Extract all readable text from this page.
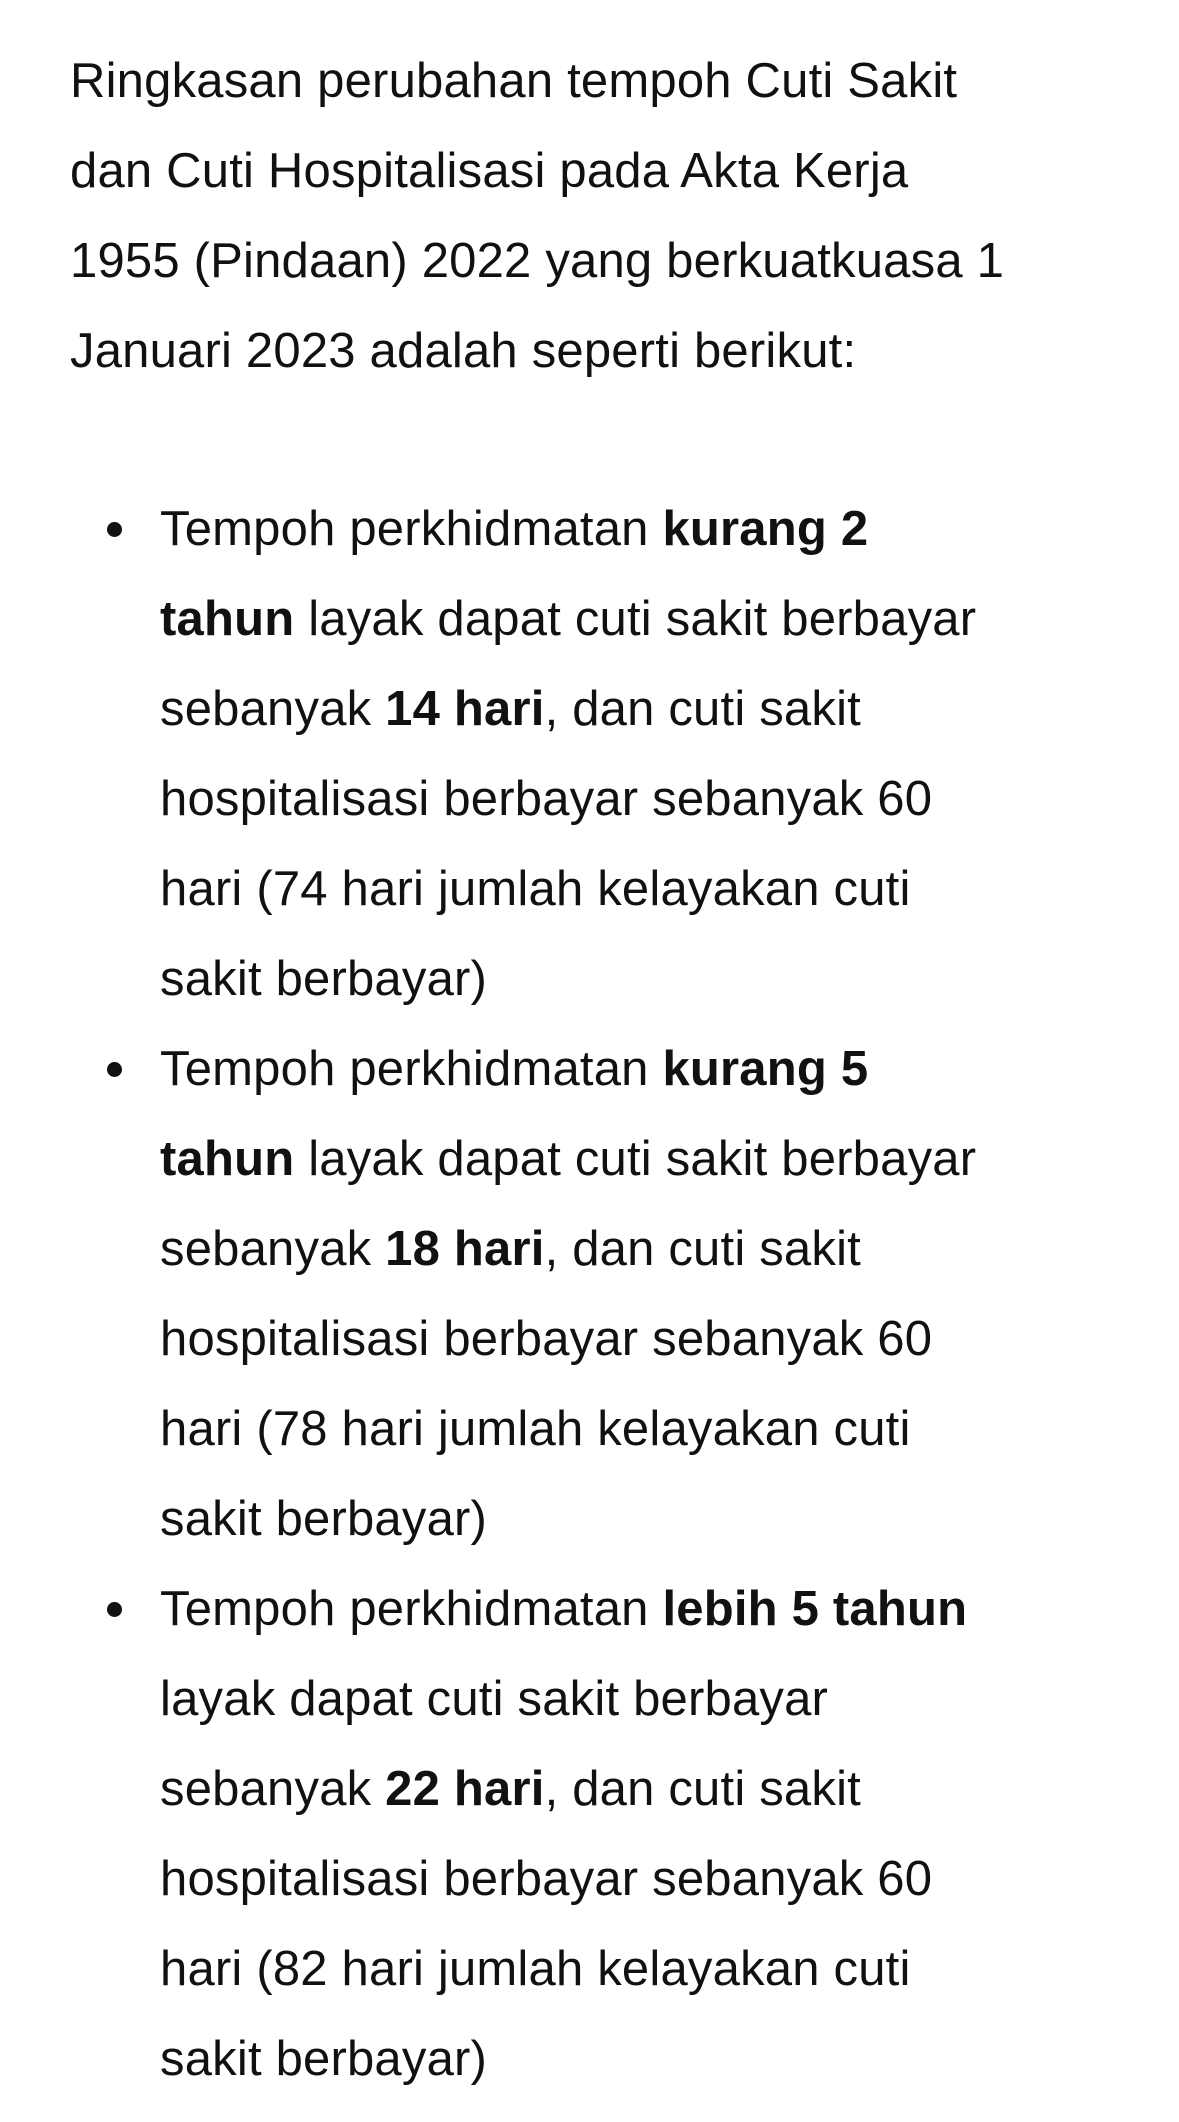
Ringkasan perubahan tempoh Cuti Sakit
dan Cuti Hospitalisasi pada Akta Kerja
1955 (Pindaan) 2022 yang berkuatkuasa 1
Januari 2023 adalah seperti berikut:

Tempoh perkhidmatan kurang 2
tahun layak dapat cuti sakit berbayar
sebanyak 14 hari, dan cuti sakit
hospitalisasi berbayar sebanyak 60
hari (74 hari jumlah kelayakan cuti
sakit berbayar)
Tempoh perkhidmatan kurang 5
tahun layak dapat cuti sakit berbayar
sebanyak 18 hari, dan cuti sakit
hospitalisasi berbayar sebanyak 60
hari (78 hari jumlah kelayakan cuti
sakit berbayar)
Tempoh perkhidmatan lebih 5 tahun
layak dapat cuti sakit berbayar
sebanyak 22 hari, dan cuti sakit
hospitalisasi berbayar sebanyak 60
hari (82 hari jumlah kelayakan cuti
sakit berbayar)
